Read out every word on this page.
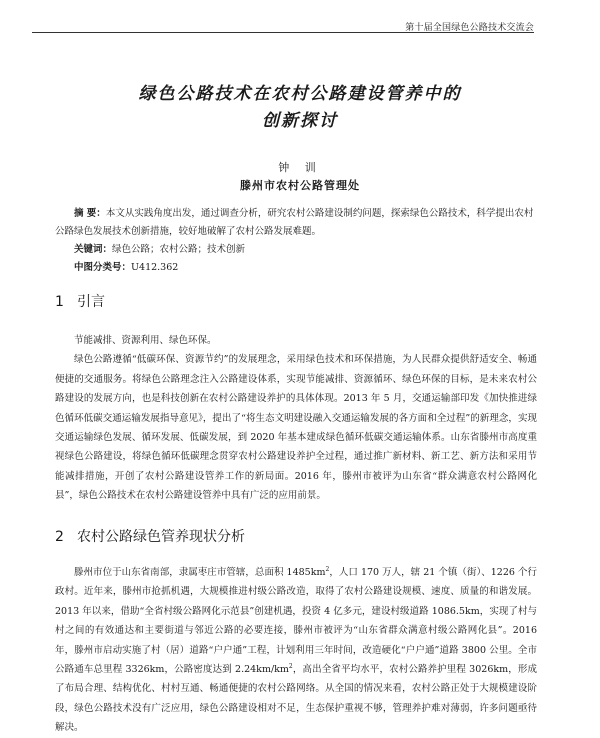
第十届全国绿色公路技术交流会
绿色公路技术在农村公路建设管养中的
创新探讨
钟 训
滕州市农村公路管理处
摘 要：本文从实践角度出发，通过调查分析，研究农村公路建设制约问题，探索绿色公路技术，科学提出农村公路绿色发展技术创新措施，较好地破解了农村公路发展难题。
关键词：绿色公路；农村公路；技术创新
中图分类号：U412.362
1 引言

节能减排、资源利用、绿色环保。

绿色公路遵循“低碳环保、资源节约”的发展理念，采用绿色技术和环保措施，为人民群众提供舒适安全、畅通便捷的交通服务。将绿色公路理念注入公路建设体系，实现节能减排、资源循环、绿色环保的目标，是未来农村公路建设的发展方向，也是科技创新在农村公路建设养护的具体体现。2013 年 5 月，交通运输部印发《加快推进绿色循环低碳交通运输发展指导意见》，提出了“将生态文明建设融入交通运输发展的各方面和全过程”的新理念，实现交通运输绿色发展、循环发展、低碳发展，到 2020 年基本建成绿色循环低碳交通运输体系。山东省滕州市高度重视绿色公路建设，将绿色循环低碳理念贯穿农村公路建设养护全过程，通过推广新材料、新工艺、新方法和采用节能减排措施，开创了农村公路建设管养工作的新局面。2016 年，滕州市被评为山东省“群众满意农村公路网化县”，绿色公路技术在农村公路建设管养中具有广泛的应用前景。

2 农村公路绿色管养现状分析

滕州市位于山东省南部，隶属枣庄市管辖，总面积 $1485km^2$，人口 170 万人，辖 21 个镇（街）、1226 个行政村。近年来，滕州市抢抓机遇，大规模推进村级公路改造，取得了农村公路建设规模、速度、质量的和谐发展。2013 年以来，借助“全省村级公路网化示范县”创建机遇，投资 4 亿多元，建设村级道路 1086.5km，实现了村与村之间的有效通达和主要街道与邻近公路的必要连接，滕州市被评为“山东省群众满意村级公路网化县”。2016 年，滕州市启动实施了村（居）道路“户户通”工程，计划利用三年时间，改造硬化“户户通”道路 3800 公里。全市公路通车总里程 3326km，公路密度达到 $2.24km/km^2$，高出全省平均水平，农村公路养护里程 3026km，形成了布局合理、结构优化、村村互通、畅通便捷的农村公路网络。从全国的情况来看，农村公路正处于大规模建设阶段，绿色公路技术没有广泛应用，绿色公路建设相对不足，生态保护重视不够，管理养护难对薄弱，许多问题亟待解决。
